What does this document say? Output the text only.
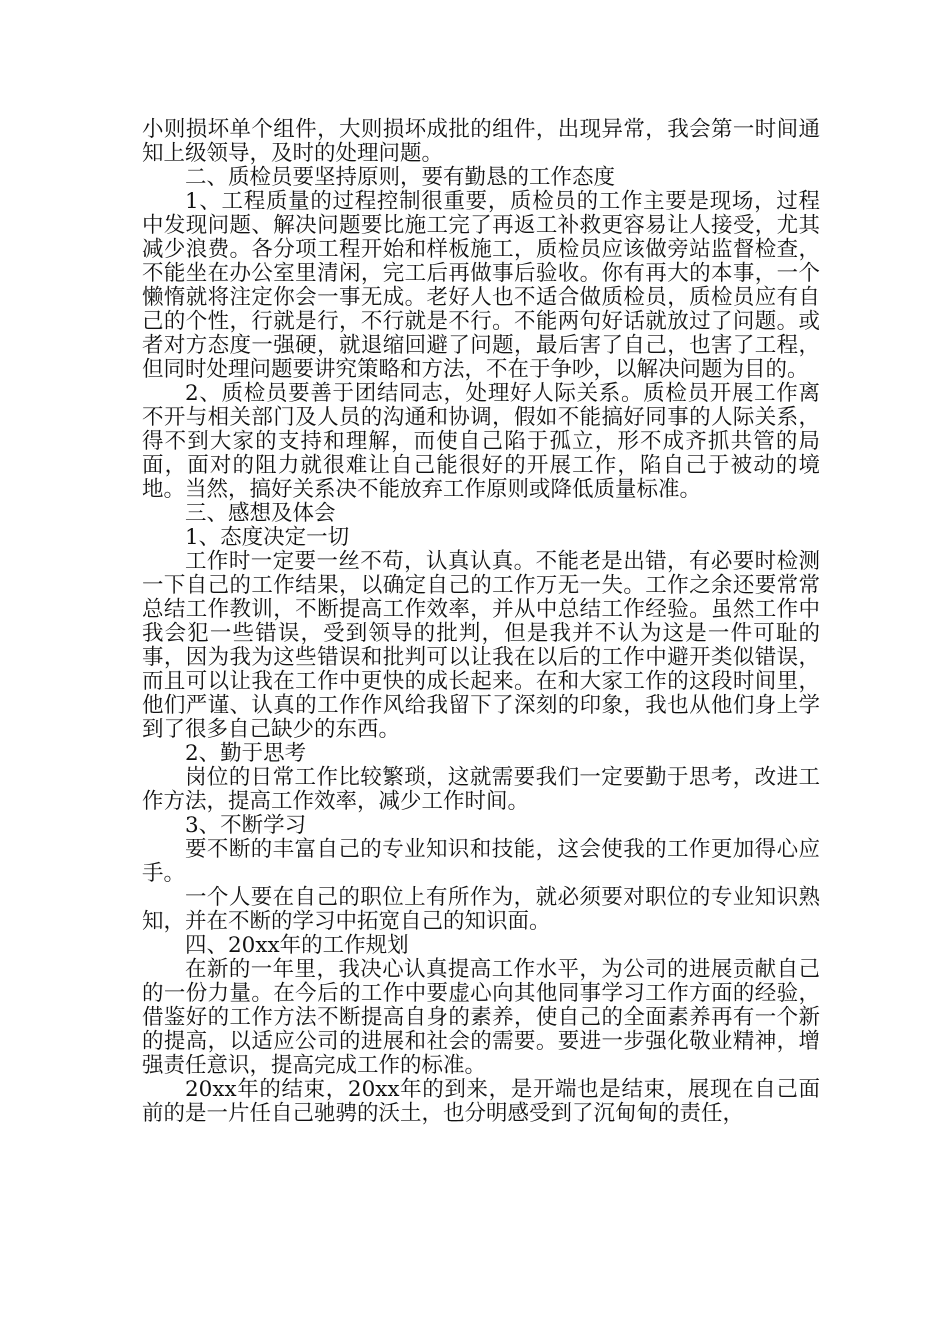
小则损坏单个组件，大则损坏成批的组件，出现异常，我会第一时间通知上级领导，及时的处理问题。

二、质检员要坚持原则，要有勤恳的工作态度

1、工程质量的过程控制很重要，质检员的工作主要是现场，过程中发现问题、解决问题要比施工完了再返工补救更容易让人接受，尤其减少浪费。各分项工程开始和样板施工，质检员应该做旁站监督检查，不能坐在办公室里清闲，完工后再做事后验收。你有再大的本事，一个懒惰就将注定你会一事无成。老好人也不适合做质检员，质检员应有自己的个性，行就是行，不行就是不行。不能两句好话就放过了问题。或者对方态度一强硬，就退缩回避了问题，最后害了自己，也害了工程，但同时处理问题要讲究策略和方法，不在于争吵，以解决问题为目的。

2、质检员要善于团结同志，处理好人际关系。质检员开展工作离不开与相关部门及人员的沟通和协调，假如不能搞好同事的人际关系，得不到大家的支持和理解，而使自己陷于孤立，形不成齐抓共管的局面，面对的阻力就很难让自己能很好的开展工作，陷自己于被动的境地。当然，搞好关系决不能放弃工作原则或降低质量标准。

三、感想及体会

1、态度决定一切

工作时一定要一丝不苟，认真认真。不能老是出错，有必要时检测一下自己的工作结果，以确定自己的工作万无一失。工作之余还要常常总结工作教训，不断提高工作效率，并从中总结工作经验。虽然工作中我会犯一些错误，受到领导的批判，但是我并不认为这是一件可耻的事，因为我为这些错误和批判可以让我在以后的工作中避开类似错误，而且可以让我在工作中更快的成长起来。在和大家工作的这段时间里，他们严谨、认真的工作作风给我留下了深刻的印象，我也从他们身上学到了很多自己缺少的东西。

2、勤于思考

岗位的日常工作比较繁琐，这就需要我们一定要勤于思考，改进工作方法，提高工作效率，减少工作时间。

3、不断学习

要不断的丰富自己的专业知识和技能，这会使我的工作更加得心应手。

一个人要在自己的职位上有所作为，就必须要对职位的专业知识熟知，并在不断的学习中拓宽自己的知识面。

四、20xx年的工作规划

在新的一年里，我决心认真提高工作水平，为公司的进展贡献自己的一份力量。在今后的工作中要虚心向其他同事学习工作方面的经验，借鉴好的工作方法不断提高自身的素养，使自己的全面素养再有一个新的提高，以适应公司的进展和社会的需要。要进一步强化敬业精神，增强责任意识，提高完成工作的标准。

20xx年的结束，20xx年的到来，是开端也是结束，展现在自己面前的是一片任自己驰骋的沃土，也分明感受到了沉甸甸的责任，
